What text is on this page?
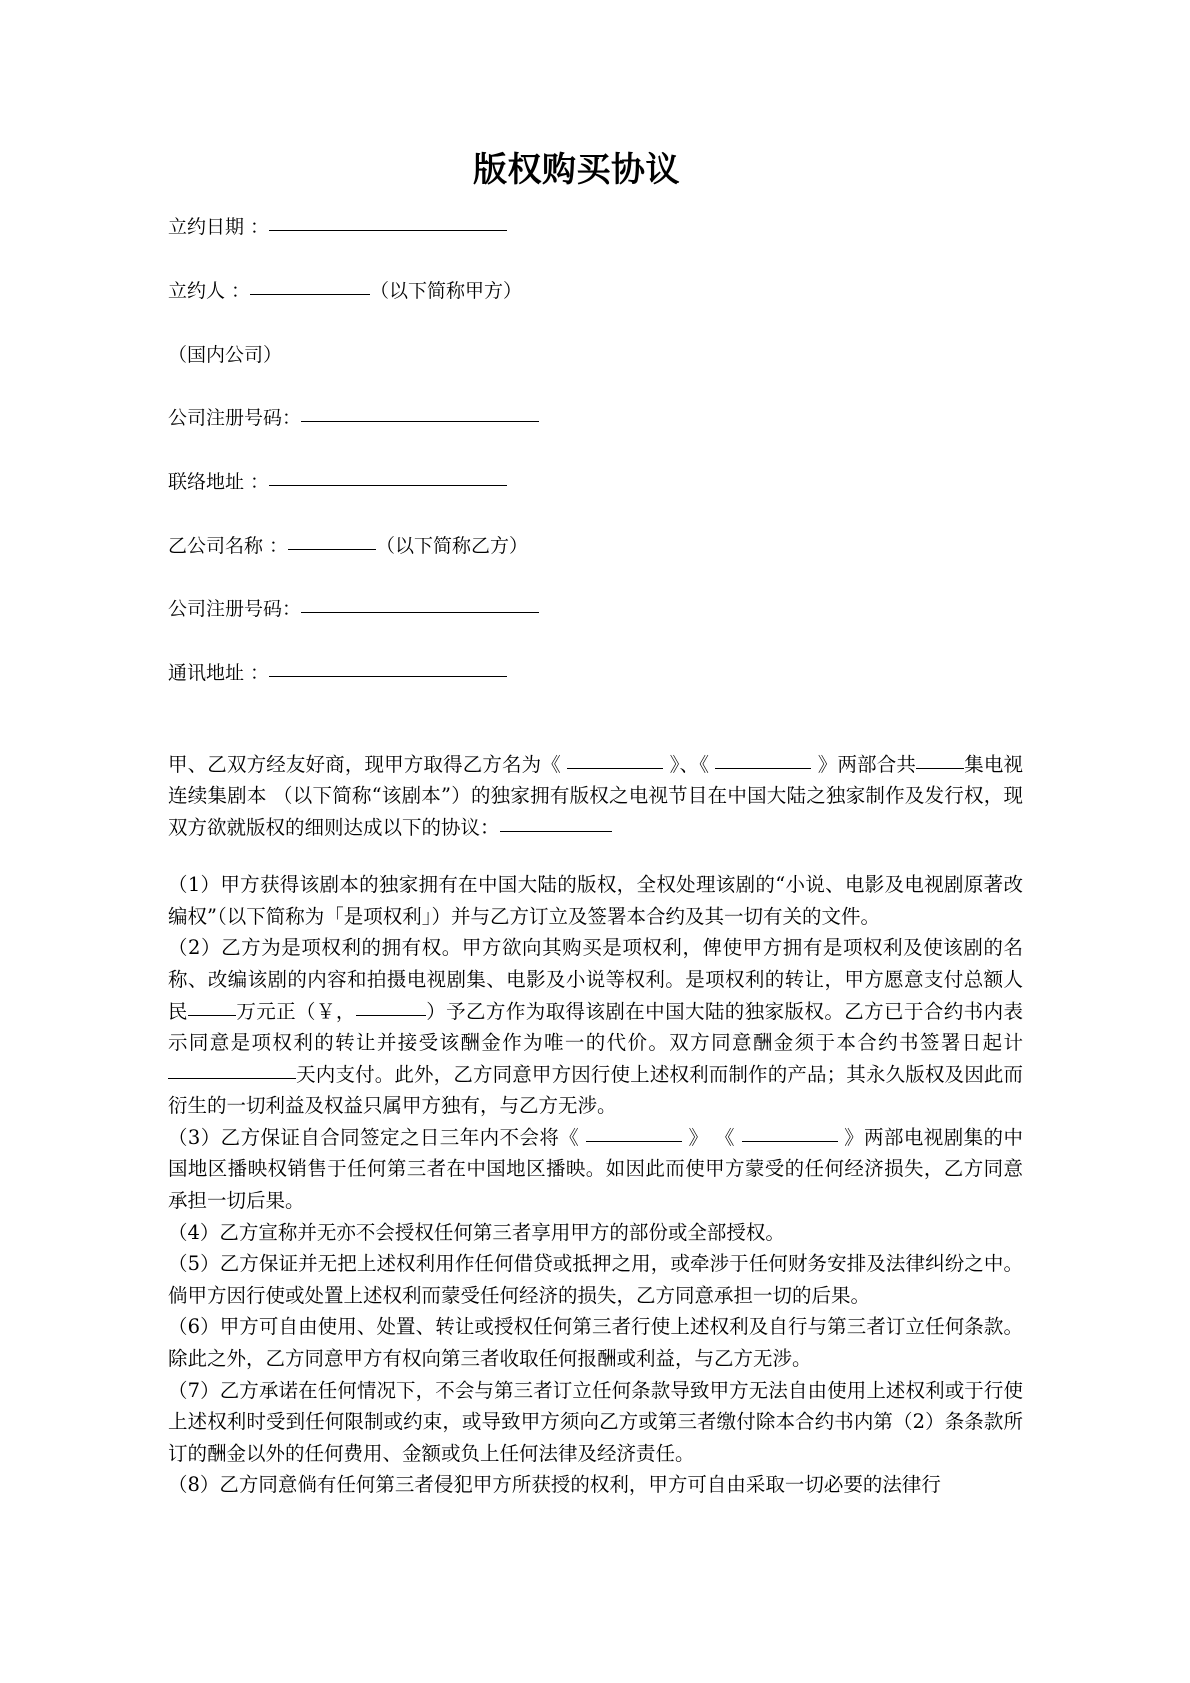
版权购买协议
立约日期 ：
立约人 ：	（以下简称甲方）
（国内公司）
公司注册号码：
联络地址 ：
乙公司名称 ：	（以下简称乙方）
公司注册号码：
通讯地址 ：

甲、乙双方经友好商，现甲方取得乙方名为《	》、《	》两部合共 集电视连续集剧本 （以下简称“该剧本”）的独家拥有版权之电视节目在中国大陆之独家制作及发行权，现双方欲就版权的细则达成以下的协议：

（1）甲方获得该剧本的独家拥有在中国大陆的版权，全权处理该剧的“小说、电影及电视剧原著改编权”（以下简称为「是项权利」）并与乙方订立及签署本合约及其一切有关的文件。

（2）乙方为是项权利的拥有权。甲方欲向其购买是项权利，俾使甲方拥有是项权利及使该剧的名称、改编该剧的内容和拍摄电视剧集、电影及小说等权利。是项权利的转让，甲方愿意支付总额人民 万元正（￥，	）予乙方作为取得该剧在中国大陆的独家版权。乙方已于合约书内表示同意是项权利的转让并接受该酬金作为唯一的代价。双方同意酬金须于本合约书签署日起计天内支付。此外，乙方同意甲方因行使上述权利而制作的产品；其永久版权及因此而衍生的一切利益及权益只属甲方独有，与乙方无涉。

（3）乙方保证自合同签定之日三年内不会将《	》 《	》两部电视剧集的中国地区播映权销售于任何第三者在中国地区播映。如因此而使甲方蒙受的任何经济损失，乙方同意承担一切后果。

（4）乙方宣称并无亦不会授权任何第三者享用甲方的部份或全部授权。

（5）乙方保证并无把上述权利用作任何借贷或抵押之用，或牵涉于任何财务安排及法律纠纷之中。倘甲方因行使或处置上述权利而蒙受任何经济的损失，乙方同意承担一切的后果。

（6）甲方可自由使用、处置、转让或授权任何第三者行使上述权利及自行与第三者订立任何条款。除此之外，乙方同意甲方有权向第三者收取任何报酬或利益，与乙方无涉。

（7）乙方承诺在任何情况下，不会与第三者订立任何条款导致甲方无法自由使用上述权利或于行使上述权利时受到任何限制或约束，或导致甲方须向乙方或第三者缴付除本合约书内第（2）条条款所订的酬金以外的任何费用、金额或负上任何法律及经济责任。

（8）乙方同意倘有任何第三者侵犯甲方所获授的权利，甲方可自由采取一切必要的法律行
